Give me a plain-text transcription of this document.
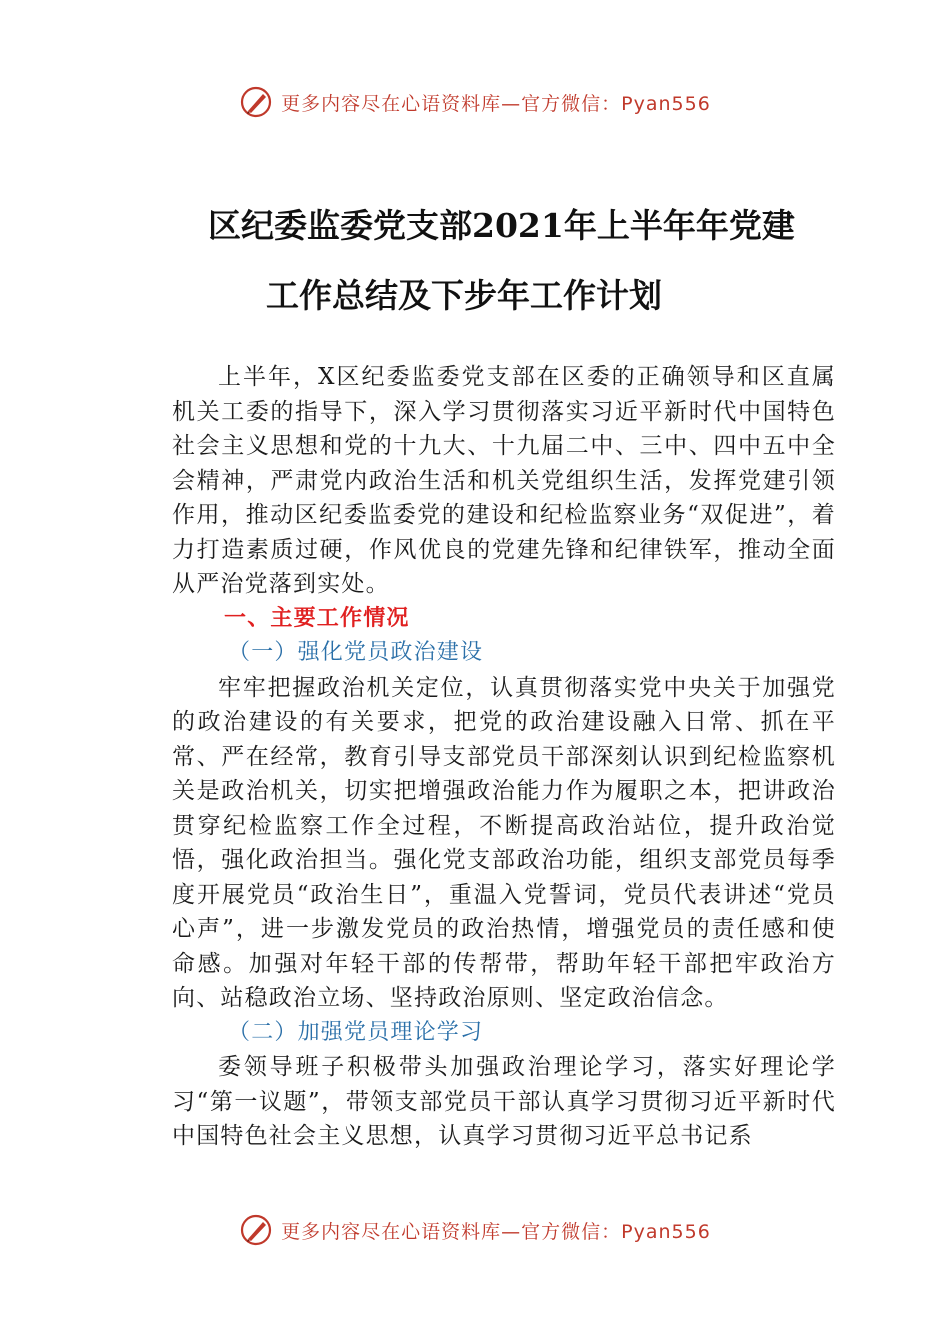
更多内容尽在心语资料库—官方微信：Pyan556
区纪委监委党支部2021年上半年年党建
工作总结及下步年工作计划

上半年，X区纪委监委党支部在区委的正确领导和区直属机关工委的指导下，深入学习贯彻落实习近平新时代中国特色社会主义思想和党的十九大、十九届二中、三中、四中五中全会精神，严肃党内政治生活和机关党组织生活，发挥党建引领作用，推动区纪委监委党的建设和纪检监察业务“双促进”，着力打造素质过硬，作风优良的党建先锋和纪律铁军，推动全面从严治党落到实处。

一、主要工作情况
（一）强化党员政治建设

牢牢把握政治机关定位，认真贯彻落实党中央关于加强党的政治建设的有关要求，把党的政治建设融入日常、抓在平常、严在经常，教育引导支部党员干部深刻认识到纪检监察机关是政治机关，切实把增强政治能力作为履职之本，把讲政治贯穿纪检监察工作全过程，不断提高政治站位，提升政治觉悟，强化政治担当。强化党支部政治功能，组织支部党员每季度开展党员“政治生日”，重温入党誓词，党员代表讲述“党员心声”，进一步激发党员的政治热情，增强党员的责任感和使命感。加强对年轻干部的传帮带，帮助年轻干部把牢政治方向、站稳政治立场、坚持政治原则、坚定政治信念。

（二）加强党员理论学习

委领导班子积极带头加强政治理论学习，落实好理论学习“第一议题”，带领支部党员干部认真学习贯彻习近平新时代中国特色社会主义思想，认真学习贯彻习近平总书记系

更多内容尽在心语资料库—官方微信：Pyan556
